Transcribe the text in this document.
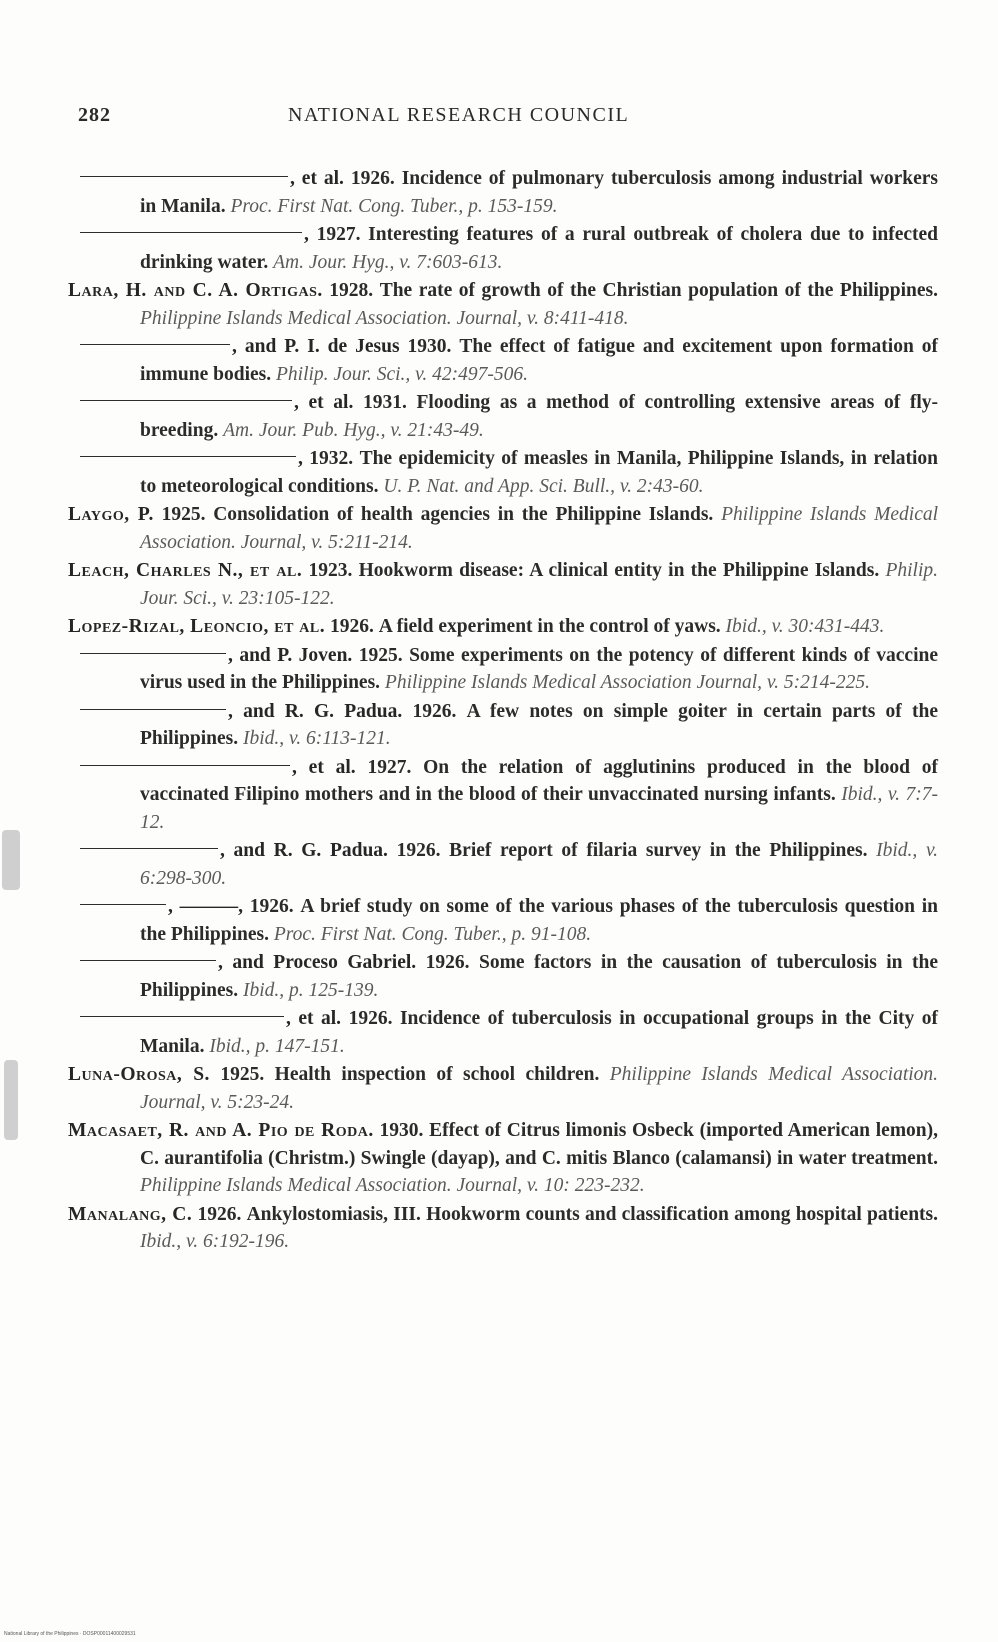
282	NATIONAL RESEARCH COUNCIL

, et al. 1926. Incidence of pulmonary tuberculosis among industrial workers in Manila. Proc. First Nat. Cong. Tuber., p. 153-159.

, 1927. Interesting features of a rural outbreak of cholera due to infected drinking water. Am. Jour. Hyg., v. 7:603-613.

Lara, H. and C. A. Ortigas. 1928. The rate of growth of the Christian population of the Philippines. Philippine Islands Medical Association. Journal, v. 8:411-418.

, and P. I. de Jesus 1930. The effect of fatigue and excitement upon formation of immune bodies. Philip. Jour. Sci., v. 42:497-506.

, et al. 1931. Flooding as a method of controlling extensive areas of fly-breeding. Am. Jour. Pub. Hyg., v. 21:43-49.

, 1932. The epidemicity of measles in Manila, Philippine Islands, in relation to meteorological conditions. U. P. Nat. and App. Sci. Bull., v. 2:43-60.

Laygo, P. 1925. Consolidation of health agencies in the Philippine Islands. Philippine Islands Medical Association. Journal, v. 5:211-214.

Leach, Charles N., et al. 1923. Hookworm disease: A clinical entity in the Philippine Islands. Philip. Jour. Sci., v. 23:105-122.

Lopez-Rizal, Leoncio, et al. 1926. A field experiment in the control of yaws. Ibid., v. 30:431-443.

, and P. Joven. 1925. Some experiments on the potency of different kinds of vaccine virus used in the Philippines. Philippine Islands Medical Association Journal, v. 5:214-225.

, and R. G. Padua. 1926. A few notes on simple goiter in certain parts of the Philippines. Ibid., v. 6:113-121.

, et al. 1927. On the relation of agglutinins produced in the blood of vaccinated Filipino mothers and in the blood of their unvaccinated nursing infants. Ibid., v. 7:7-12.

, and R. G. Padua. 1926. Brief report of filaria survey in the Philippines. Ibid., v. 6:298-300.

, ———, 1926. A brief study on some of the various phases of the tuberculosis question in the Philippines. Proc. First Nat. Cong. Tuber., p. 91-108.

, and Proceso Gabriel. 1926. Some factors in the causation of tuberculosis in the Philippines. Ibid., p. 125-139.

, et al. 1926. Incidence of tuberculosis in occupational groups in the City of Manila. Ibid., p. 147-151.

Luna-Orosa, S. 1925. Health inspection of school children. Philippine Islands Medical Association. Journal, v. 5:23-24.

Macasaet, R. and A. Pio de Roda. 1930. Effect of Citrus limonis Osbeck (imported American lemon), C. aurantifolia (Christm.) Swingle (dayap), and C. mitis Blanco (calamansi) in water treatment. Philippine Islands Medical Association. Journal, v. 10: 223-232.

Manalang, C. 1926. Ankylostomiasis, III. Hookworm counts and classification among hospital patients. Ibid., v. 6:192-196.

National Library of the Philippines · DOSP00011400029531
